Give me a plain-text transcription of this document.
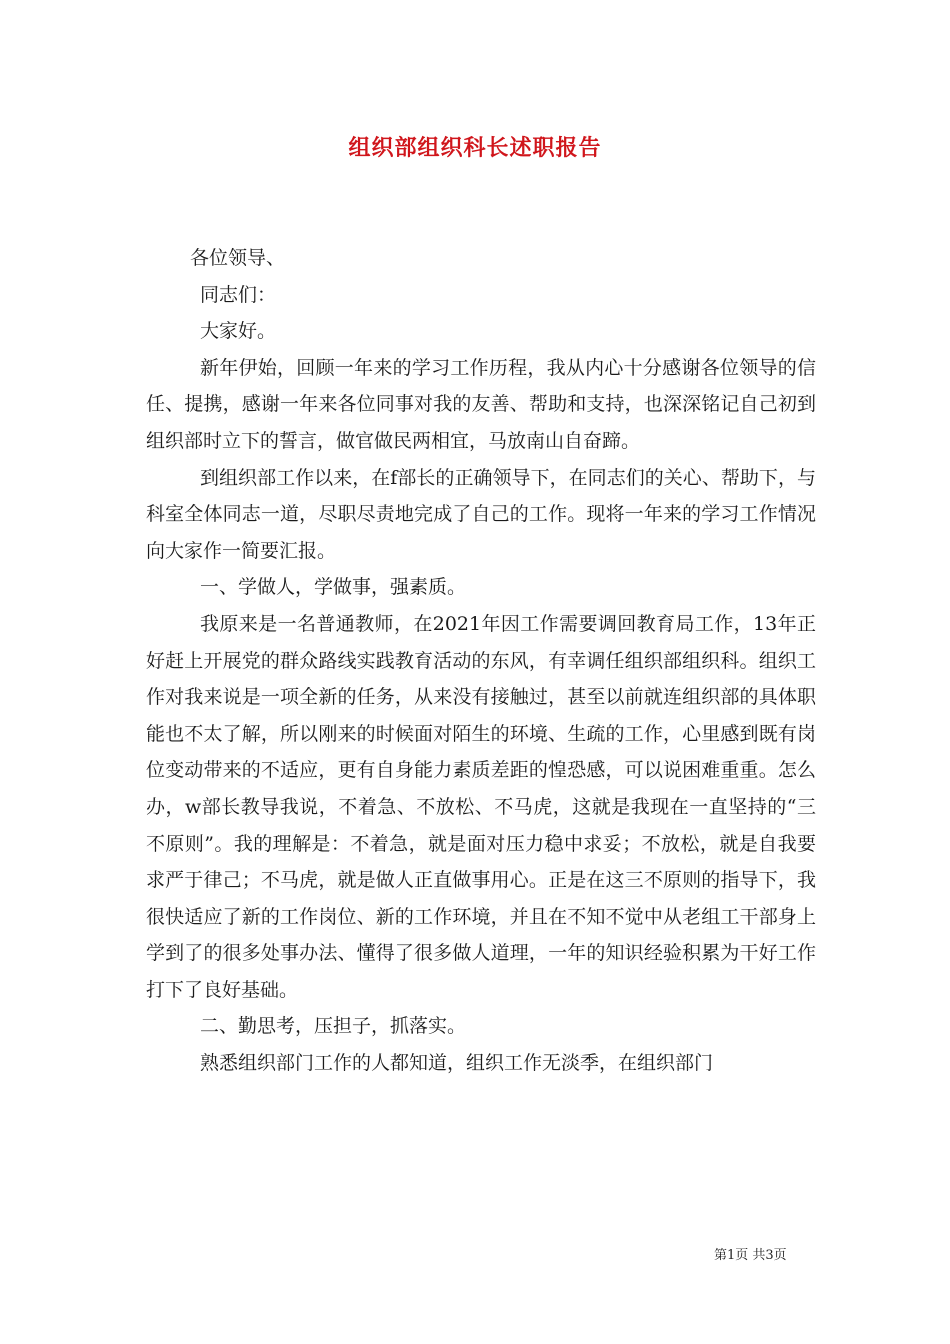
组织部组织科长述职报告

各位领导、

同志们：

大家好。

新年伊始，回顾一年来的学习工作历程，我从内心十分感谢各位领导的信任、提携，感谢一年来各位同事对我的友善、帮助和支持，也深深铭记自己初到组织部时立下的誓言，做官做民两相宜，马放南山自奋蹄。

到组织部工作以来，在f部长的正确领导下，在同志们的关心、帮助下，与科室全体同志一道，尽职尽责地完成了自己的工作。现将一年来的学习工作情况向大家作一简要汇报。

一、学做人，学做事，强素质。

我原来是一名普通教师，在2021年因工作需要调回教育局工作，13年正好赶上开展党的群众路线实践教育活动的东风，有幸调任组织部组织科。组织工作对我来说是一项全新的任务，从来没有接触过，甚至以前就连组织部的具体职能也不太了解，所以刚来的时候面对陌生的环境、生疏的工作，心里感到既有岗位变动带来的不适应，更有自身能力素质差距的惶恐感，可以说困难重重。怎么办，w部长教导我说，不着急、不放松、不马虎，这就是我现在一直坚持的“三不原则”。我的理解是：不着急，就是面对压力稳中求妥；不放松，就是自我要求严于律己；不马虎，就是做人正直做事用心。正是在这三不原则的指导下，我很快适应了新的工作岗位、新的工作环境，并且在不知不觉中从老组工干部身上学到了的很多处事办法、懂得了很多做人道理，一年的知识经验积累为干好工作打下了良好基础。

二、勤思考，压担子，抓落实。

熟悉组织部门工作的人都知道，组织工作无淡季，在组织部门

第1页 共3页
